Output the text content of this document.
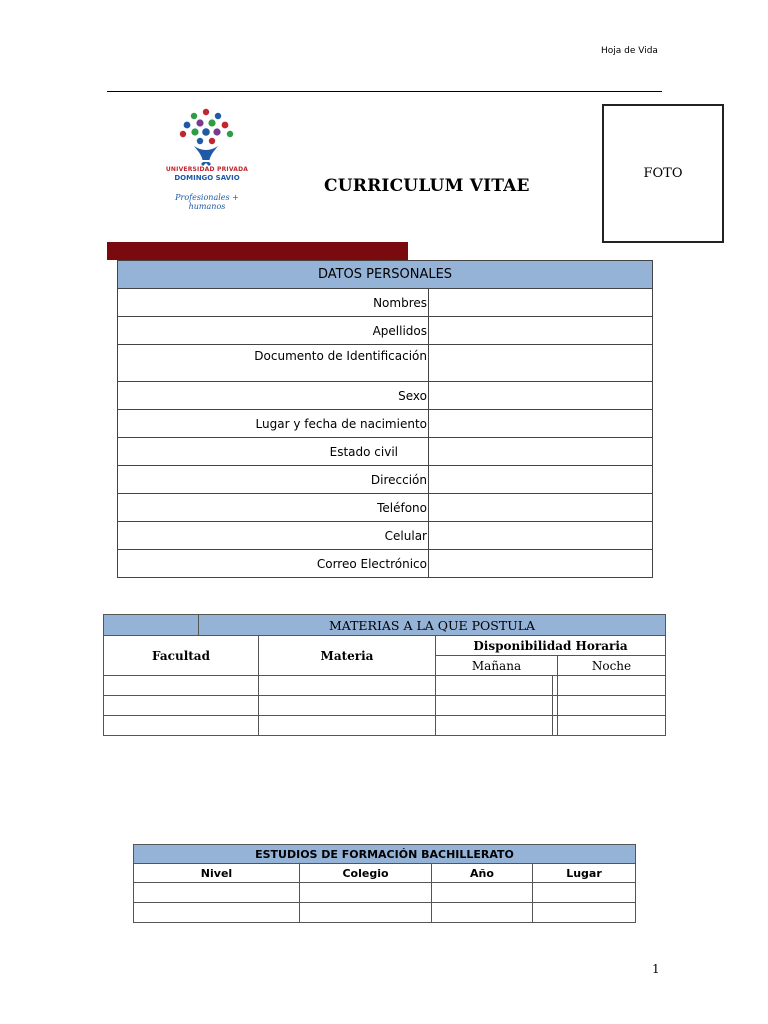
Hoja de Vida
UNIVERSIDAD PRIVADA
DOMINGO SAVIO
Profesionales + humanos
CURRICULUM VITAE
FOTO
DATOS PERSONALES	
Nombres	
Apellidos	
Documento de Identificación	
Sexo	
Lugar y fecha de nacimiento	
Estado civil	
Dirección	
Teléfono	
Celular	
Correo Electrónico	
	MATERIAS A LA QUE POSTULA				
Facultad		Materia	Disponibilidad Horaria		
			Mañana		Noche

ESTUDIOS DE FORMACIÓN BACHILLERATO			
Nivel	Colegio	Año	Lugar

1
